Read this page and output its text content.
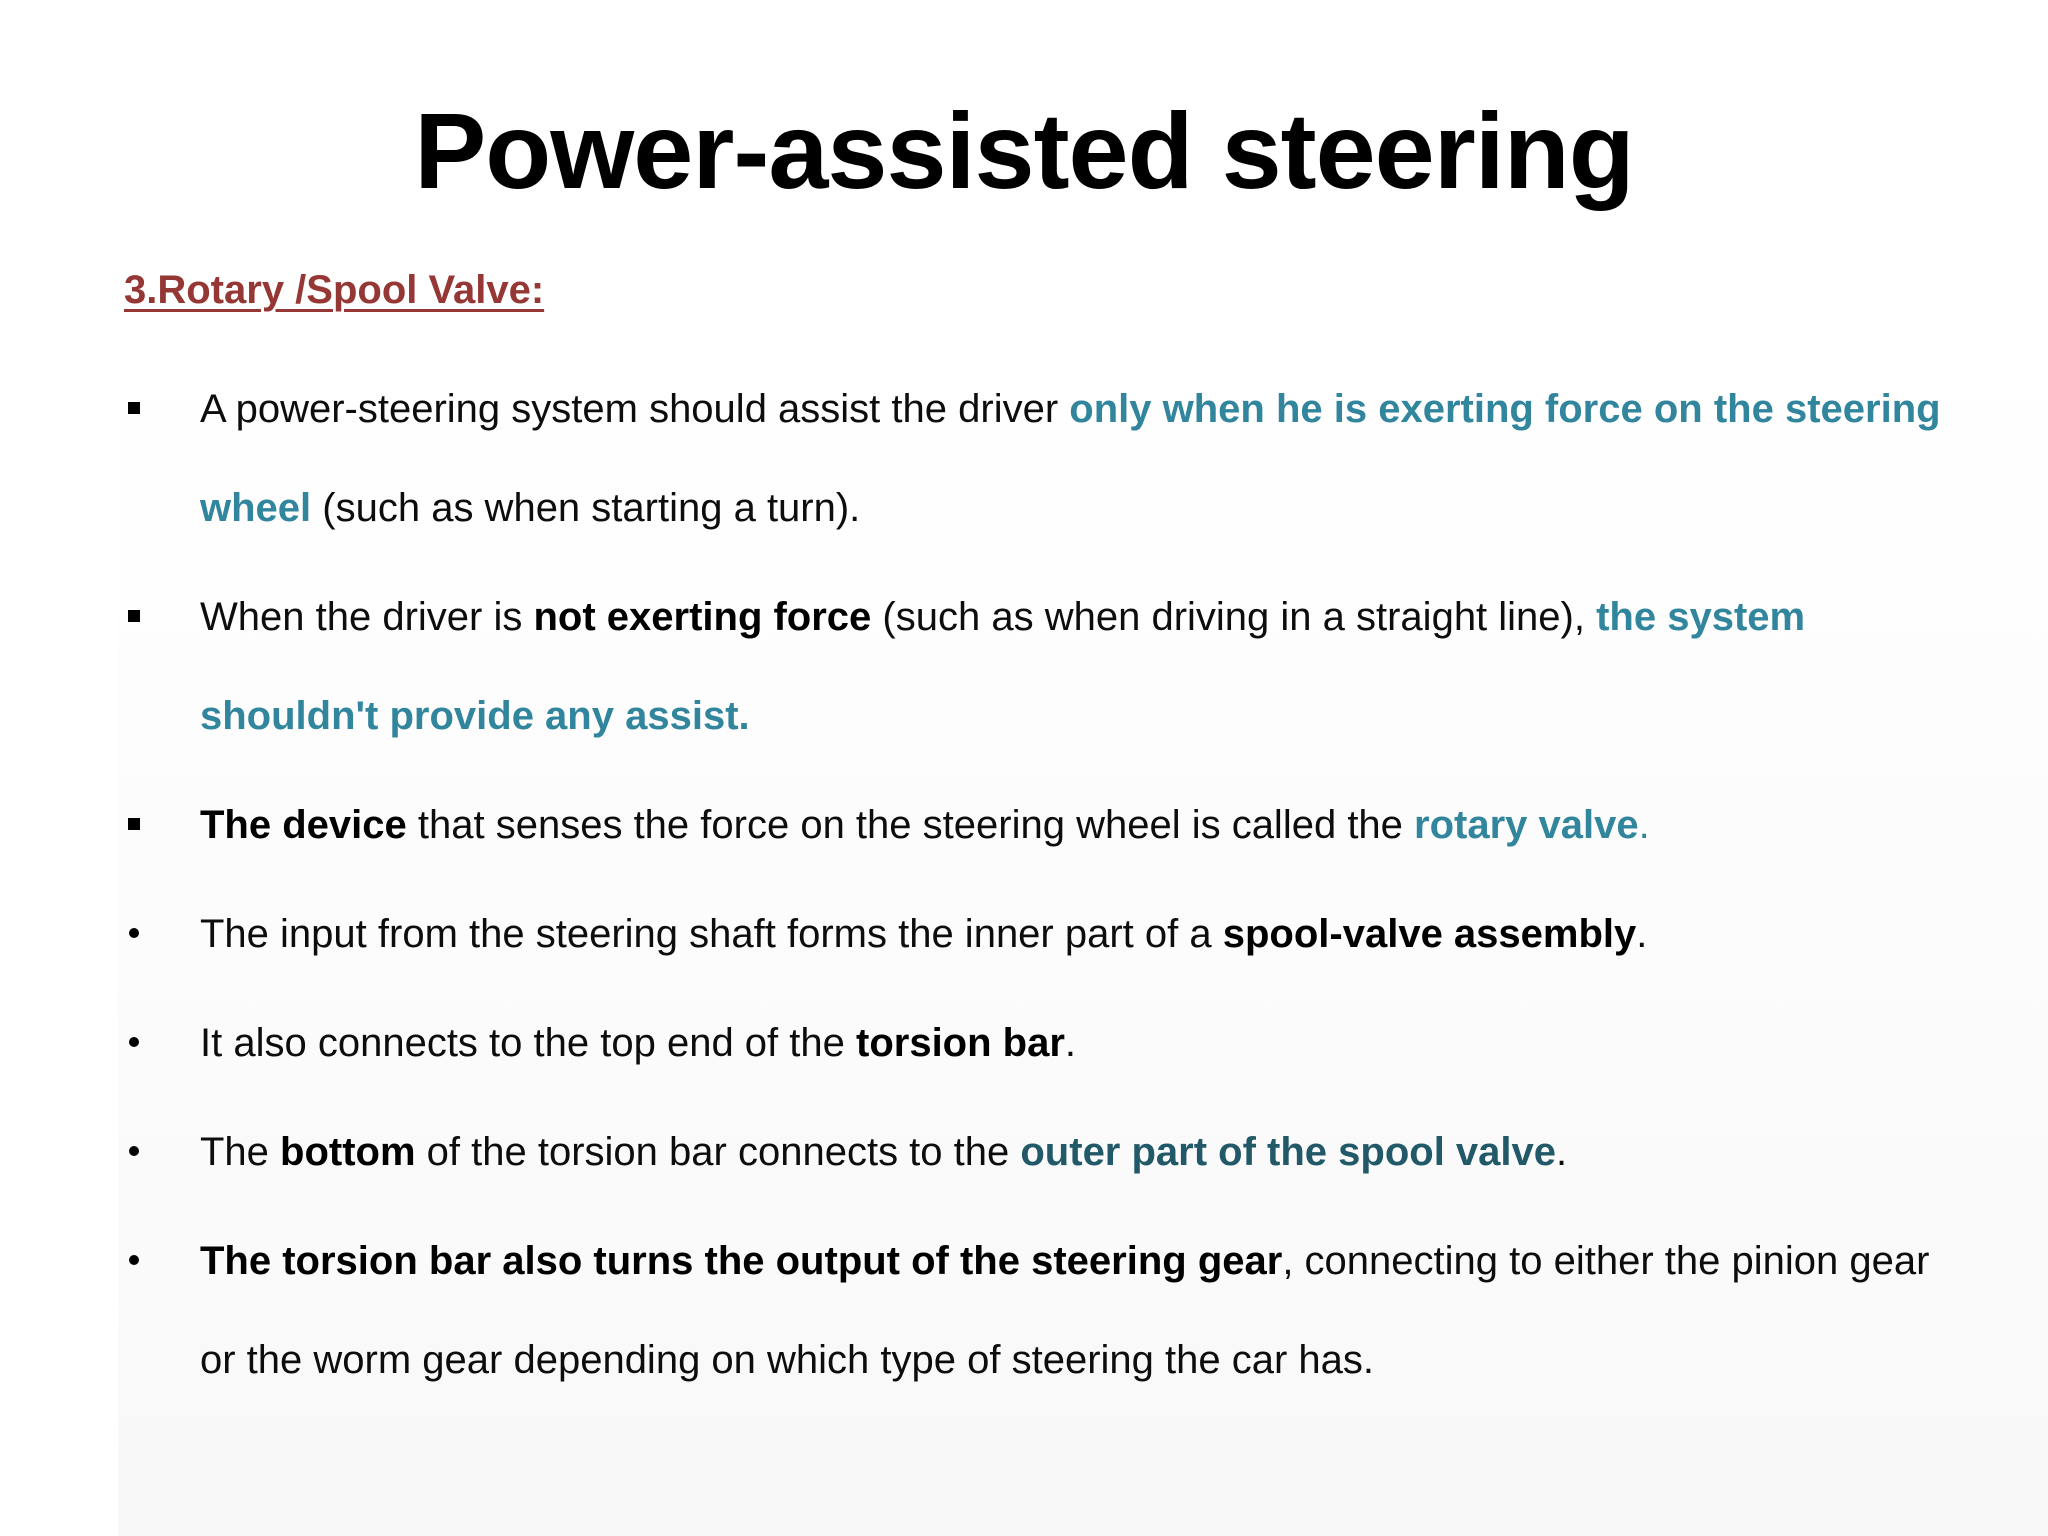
Power-assisted steering
3.Rotary /Spool Valve:
A power-steering system should assist the driver only when he is exerting force on the steering wheel (such as when starting a turn).
When the driver is not exerting force (such as when driving in a straight line), the system shouldn't provide any assist.
The device that senses the force on the steering wheel is called the rotary valve.
The input from the steering shaft forms the inner part of a spool-valve assembly.
It also connects to the top end of the torsion bar.
The bottom of the torsion bar connects to the outer part of the spool valve.
The torsion bar also turns the output of the steering gear, connecting to either the pinion gear or the worm gear depending on which type of steering the car has.
